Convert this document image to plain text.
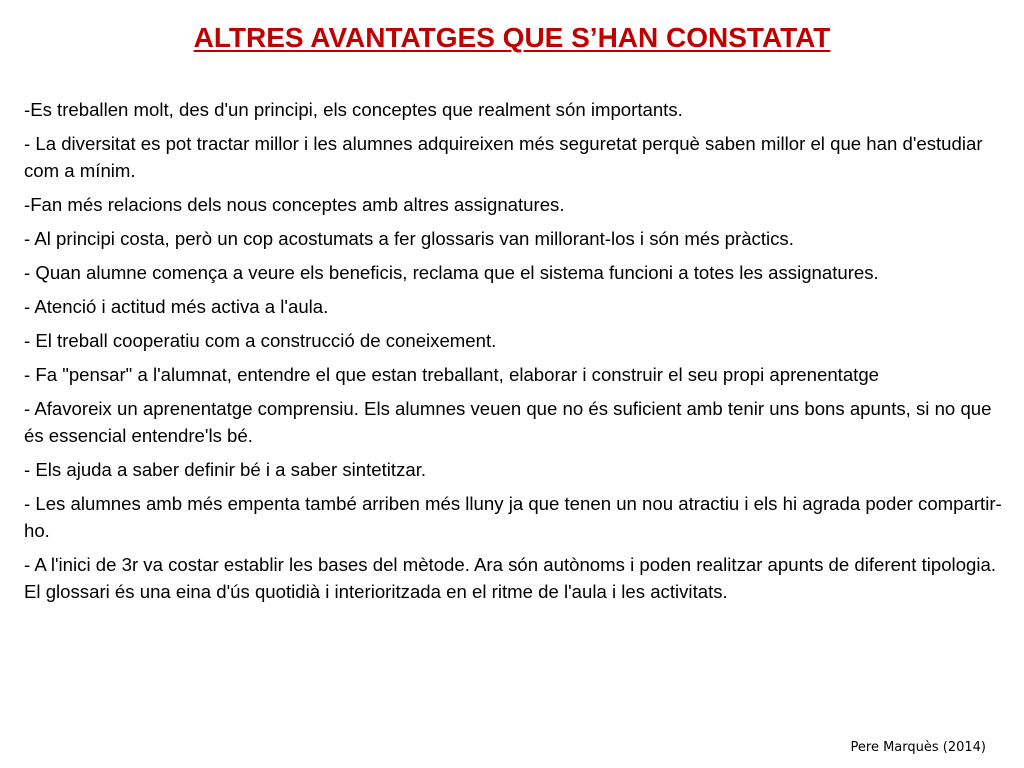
ALTRES AVANTATGES QUE S’HAN CONSTATAT
-Es treballen molt, des d'un principi, els conceptes que realment són importants.
- La diversitat es pot tractar millor i les alumnes adquireixen més seguretat perquè saben millor el que han d'estudiar com a mínim.
-Fan més relacions dels nous conceptes amb altres assignatures.
- Al principi costa, però un cop acostumats a fer glossaris van millorant-los i són més pràctics.
- Quan alumne comença a veure els beneficis, reclama que el sistema funcioni a totes les assignatures.
- Atenció i actitud més activa a l'aula.
- El treball cooperatiu com a construcció de coneixement.
- Fa "pensar" a l'alumnat, entendre el que estan treballant, elaborar i construir el seu propi aprenentatge
- Afavoreix un aprenentatge comprensiu. Els alumnes veuen que no és suficient amb tenir uns bons apunts, si no que és essencial entendre'ls bé.
- Els ajuda a saber definir bé i a saber sintetitzar.
- Les alumnes amb més empenta també arriben més lluny ja que tenen un nou atractiu i els hi agrada poder compartir-ho.
- A l'inici de 3r va costar establir les bases del mètode. Ara són autònoms i poden realitzar apunts de diferent tipologia. El glossari és una eina d'ús quotidià i interioritzada en el ritme de l'aula i les activitats.
Pere Marquès (2014)
